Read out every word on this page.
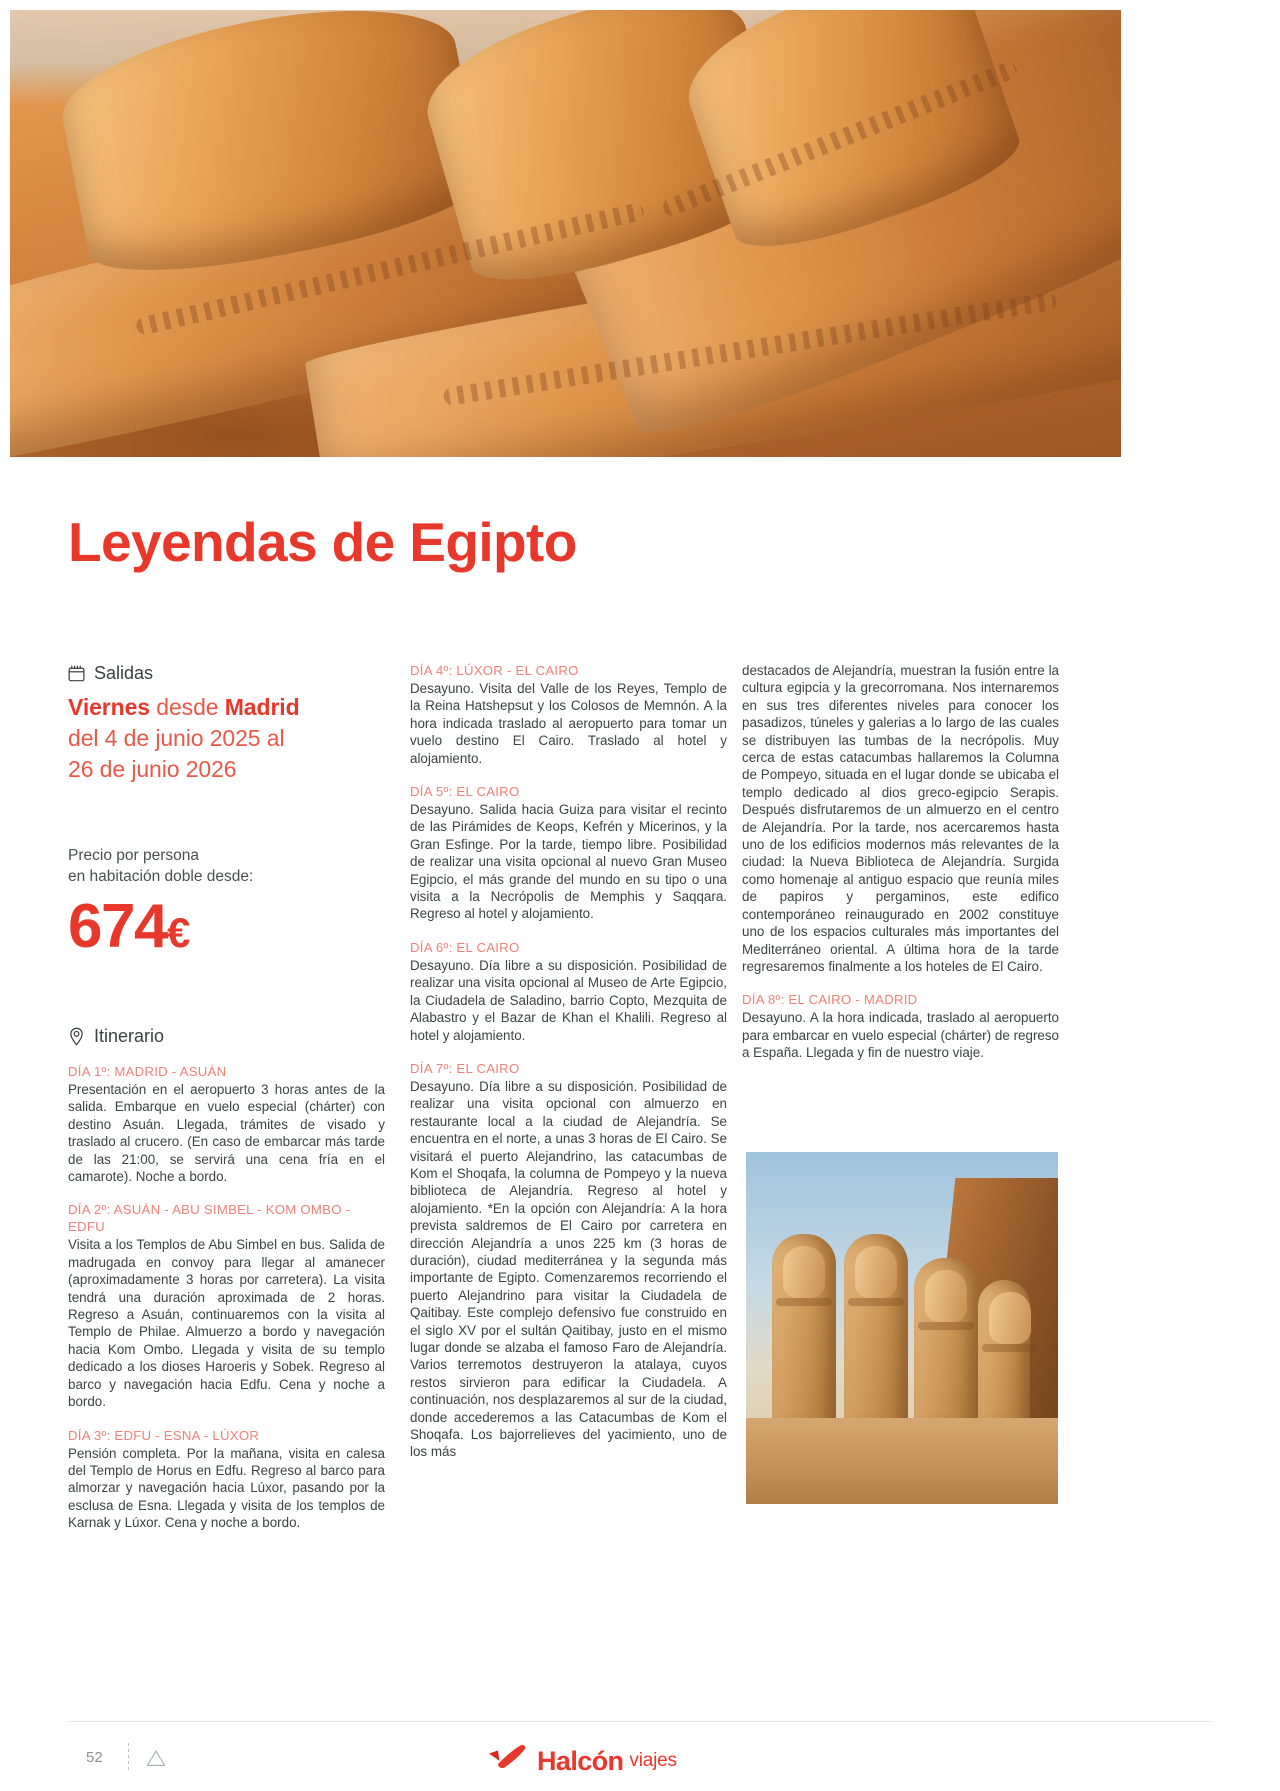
Leyendas de Egipto
Salidas
Viernes desde Madrid
del 4 de junio 2025 al
26 de junio 2026
Precio por persona
en habitación doble desde:
674€
Itinerario
DÍA 1º: MADRID - ASUÁN

Presentación en el aeropuerto 3 horas antes de la salida. Embarque en vuelo especial (chárter) con destino Asuán. Llegada, trámites de visado y traslado al crucero. (En caso de embarcar más tarde de las 21:00, se servirá una cena fría en el camarote). Noche a bordo.

DÍA 2º: ASUÁN - ABU SIMBEL - KOM OMBO - EDFU

Visita a los Templos de Abu Simbel en bus. Salida de madrugada en convoy para llegar al amanecer (aproximadamente 3 horas por carretera). La visita tendrá una duración aproximada de 2 horas. Regreso a Asuán, continuaremos con la visita al Templo de Philae. Almuerzo a bordo y navegación hacia Kom Ombo. Llegada y visita de su templo dedicado a los dioses Haroeris y Sobek. Regreso al barco y navegación hacia Edfu. Cena y noche a bordo.

DÍA 3º: EDFU - ESNA - LÚXOR

Pensión completa. Por la mañana, visita en calesa del Templo de Horus en Edfu. Regreso al barco para almorzar y navegación hacia Lúxor, pasando por la esclusa de Esna. Llegada y visita de los templos de Karnak y Lúxor. Cena y noche a bordo.

DÍA 4º: LÚXOR - EL CAIRO

Desayuno. Visita del Valle de los Reyes, Templo de la Reina Hatshepsut y los Colosos de Memnón. A la hora indicada traslado al aeropuerto para tomar un vuelo destino El Cairo. Traslado al hotel y alojamiento.

DÍA 5º: EL CAIRO

Desayuno. Salida hacia Guiza para visitar el recinto de las Pirámides de Keops, Kefrén y Micerinos, y la Gran Esfinge. Por la tarde, tiempo libre. Posibilidad de realizar una visita opcional al nuevo Gran Museo Egipcio, el más grande del mundo en su tipo o una visita a la Necrópolis de Memphis y Saqqara. Regreso al hotel y alojamiento.

DÍA 6º: EL CAIRO

Desayuno. Día libre a su disposición. Posibilidad de realizar una visita opcional al Museo de Arte Egipcio, la Ciudadela de Saladino, barrio Copto, Mezquita de Alabastro y el Bazar de Khan el Khalili. Regreso al hotel y alojamiento.

DÍA 7º: EL CAIRO

Desayuno. Día libre a su disposición. Posibilidad de realizar una visita opcional con almuerzo en restaurante local a la ciudad de Alejandría. Se encuentra en el norte, a unas 3 horas de El Cairo. Se visitará el puerto Alejandrino, las catacumbas de Kom el Shoqafa, la columna de Pompeyo y la nueva biblioteca de Alejandría. Regreso al hotel y alojamiento. *En la opción con Alejandría: A la hora prevista saldremos de El Cairo por carretera en dirección Alejandría a unos 225 km (3 horas de duración), ciudad mediterránea y la segunda más importante de Egipto. Comenzaremos recorriendo el puerto Alejandrino para visitar la Ciudadela de Qaitibay. Este complejo defensivo fue construido en el siglo XV por el sultán Qaitibay, justo en el mismo lugar donde se alzaba el famoso Faro de Alejandría. Varios terremotos destruyeron la atalaya, cuyos restos sirvieron para edificar la Ciudadela. A continuación, nos desplazaremos al sur de la ciudad, donde accederemos a las Catacumbas de Kom el Shoqafa. Los bajorrelieves del yacimiento, uno de los más

destacados de Alejandría, muestran la fusión entre la cultura egipcia y la grecorromana. Nos internaremos en sus tres diferentes niveles para conocer los pasadizos, túneles y galerias a lo largo de las cuales se distribuyen las tumbas de la necrópolis. Muy cerca de estas catacumbas hallaremos la Columna de Pompeyo, situada en el lugar donde se ubicaba el templo dedicado al dios greco-egipcio Serapis. Después disfrutaremos de un almuerzo en el centro de Alejandría. Por la tarde, nos acercaremos hasta uno de los edificios modernos más relevantes de la ciudad: la Nueva Biblioteca de Alejandría. Surgida como homenaje al antiguo espacio que reunía miles de papiros y pergaminos, este edifico contemporáneo reinaugurado en 2002 constituye uno de los espacios culturales más importantes del Mediterráneo oriental. A última hora de la tarde regresaremos finalmente a los hoteles de El Cairo.

DÍA 8º: EL CAIRO - MADRID

Desayuno. A la hora indicada, traslado al aeropuerto para embarcar en vuelo especial (chárter) de regreso a España. Llegada y fin de nuestro viaje.

52	Halcón viajes
